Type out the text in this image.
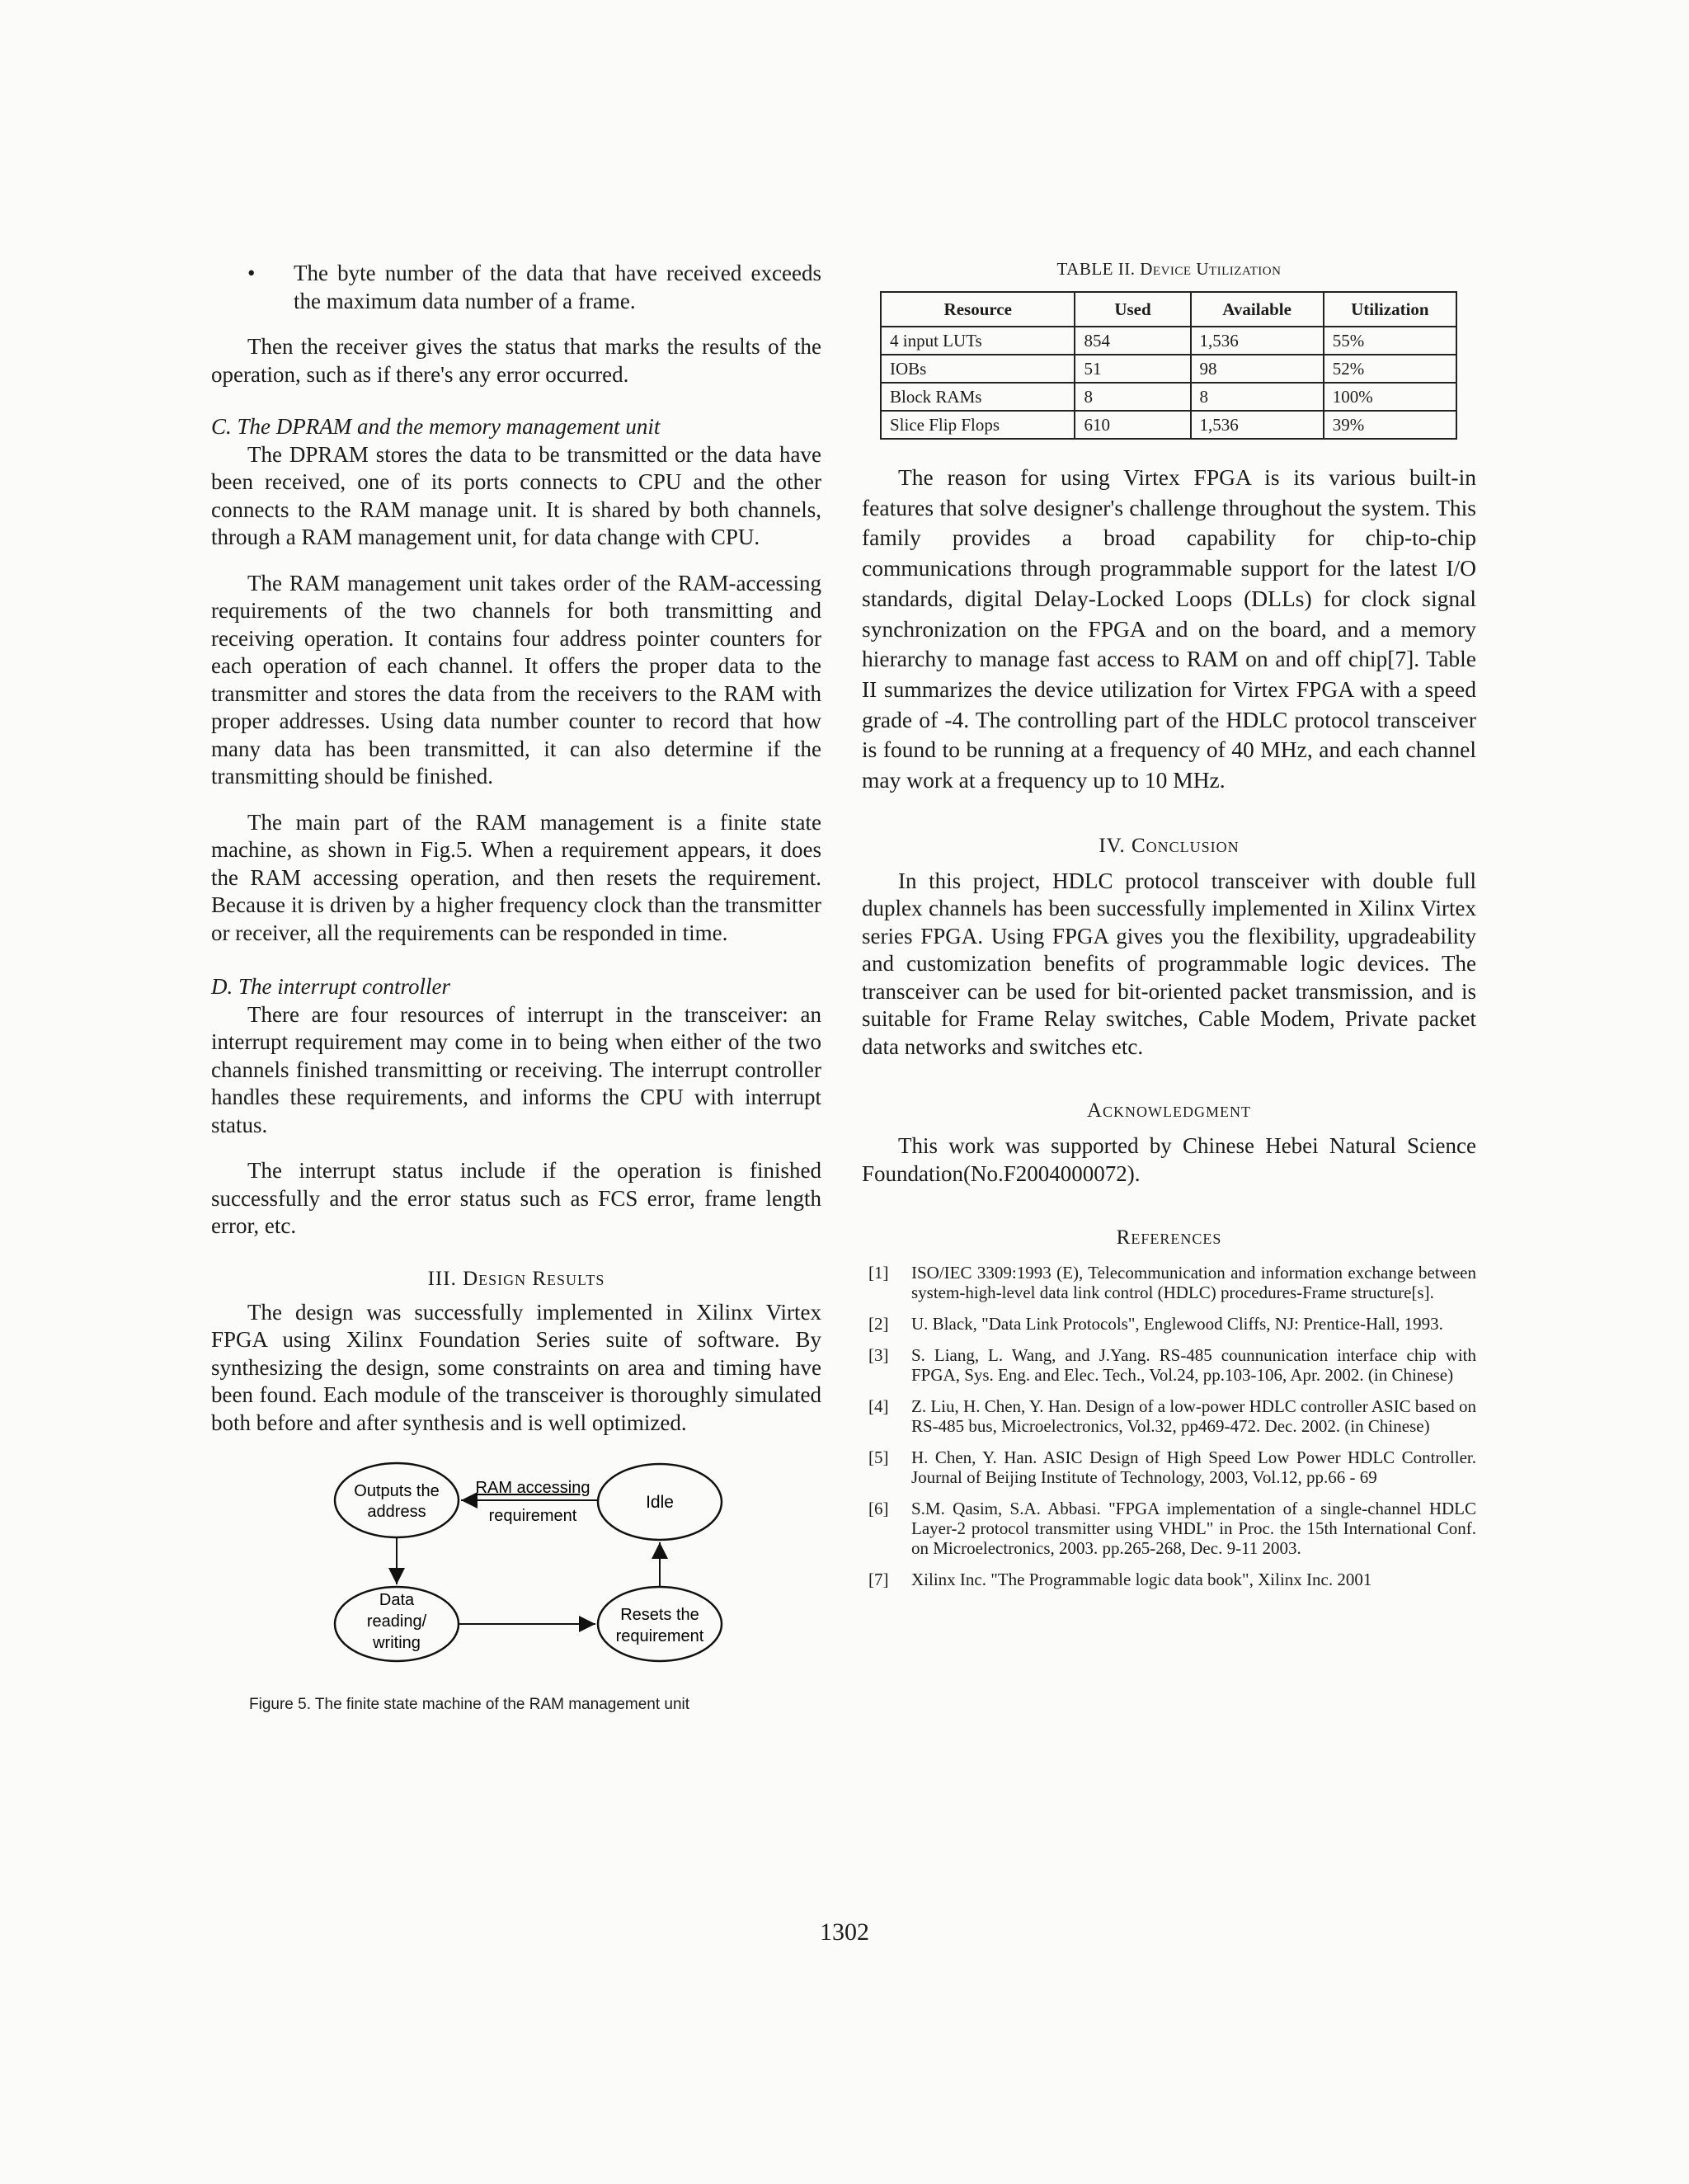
• The byte number of the data that have received exceeds the maximum data number of a frame.

Then the receiver gives the status that marks the results of the operation, such as if there's any error occurred.

C. The DPRAM and the memory management unit

The DPRAM stores the data to be transmitted or the data have been received, one of its ports connects to CPU and the other connects to the RAM manage unit. It is shared by both channels, through a RAM management unit, for data change with CPU.

The RAM management unit takes order of the RAM-accessing requirements of the two channels for both transmitting and receiving operation. It contains four address pointer counters for each operation of each channel. It offers the proper data to the transmitter and stores the data from the receivers to the RAM with proper addresses. Using data number counter to record that how many data has been transmitted, it can also determine if the transmitting should be finished.

The main part of the RAM management is a finite state machine, as shown in Fig.5. When a requirement appears, it does the RAM accessing operation, and then resets the requirement. Because it is driven by a higher frequency clock than the transmitter or receiver, all the requirements can be responded in time.

D. The interrupt controller

There are four resources of interrupt in the transceiver: an interrupt requirement may come in to being when either of the two channels finished transmitting or receiving. The interrupt controller handles these requirements, and informs the CPU with interrupt status.

The interrupt status include if the operation is finished successfully and the error status such as FCS error, frame length error, etc.

III. Design Results

The design was successfully implemented in Xilinx Virtex FPGA using Xilinx Foundation Series suite of software. By synthesizing the design, some constraints on area and timing have been found. Each module of the transceiver is thoroughly simulated both before and after synthesis and is well optimized.

Outputs the
address	Idle
Data
reading/
writing
Resets the
requirement
RAM accessing
requirement
Figure 5. The finite state machine of the RAM management unit
TABLE II. Device Utilization
Resource	Used	Available	Utilization
4 input LUTs	854	1,536	55%
IOBs	51	98	52%
Block RAMs	8	8	100%
Slice Flip Flops	610	1,536	39%

The reason for using Virtex FPGA is its various built-in features that solve designer's challenge throughout the system. This family provides a broad capability for chip-to-chip communications through programmable support for the latest I/O standards, digital Delay-Locked Loops (DLLs) for clock signal synchronization on the FPGA and on the board, and a memory hierarchy to manage fast access to RAM on and off chip[7]. Table II summarizes the device utilization for Virtex FPGA with a speed grade of -4. The controlling part of the HDLC protocol transceiver is found to be running at a frequency of 40 MHz, and each channel may work at a frequency up to 10 MHz.

IV. Conclusion

In this project, HDLC protocol transceiver with double full duplex channels has been successfully implemented in Xilinx Virtex series FPGA. Using FPGA gives you the flexibility, upgradeability and customization benefits of programmable logic devices. The transceiver can be used for bit-oriented packet transmission, and is suitable for Frame Relay switches, Cable Modem, Private packet data networks and switches etc.

Acknowledgment

This work was supported by Chinese Hebei Natural Science Foundation(No.F2004000072).

References
[1] ISO/IEC 3309:1993 (E), Telecommunication and information exchange between system-high-level data link control (HDLC) procedures-Frame structure[s].
[2] U. Black, "Data Link Protocols", Englewood Cliffs, NJ: Prentice-Hall, 1993.
[3] S. Liang, L. Wang, and J.Yang. RS-485 counnunication interface chip with FPGA, Sys. Eng. and Elec. Tech., Vol.24, pp.103-106, Apr. 2002. (in Chinese)
[4] Z. Liu, H. Chen, Y. Han. Design of a low-power HDLC controller ASIC based on RS-485 bus, Microelectronics, Vol.32, pp469-472. Dec. 2002. (in Chinese)
[5] H. Chen, Y. Han. ASIC Design of High Speed Low Power HDLC Controller. Journal of Beijing Institute of Technology, 2003, Vol.12, pp.66 - 69
[6] S.M. Qasim, S.A. Abbasi. "FPGA implementation of a single-channel HDLC Layer-2 protocol transmitter using VHDL" in Proc. the 15th International Conf. on Microelectronics, 2003. pp.265-268, Dec. 9-11 2003.
[7] Xilinx Inc. "The Programmable logic data book", Xilinx Inc. 2001
1302
